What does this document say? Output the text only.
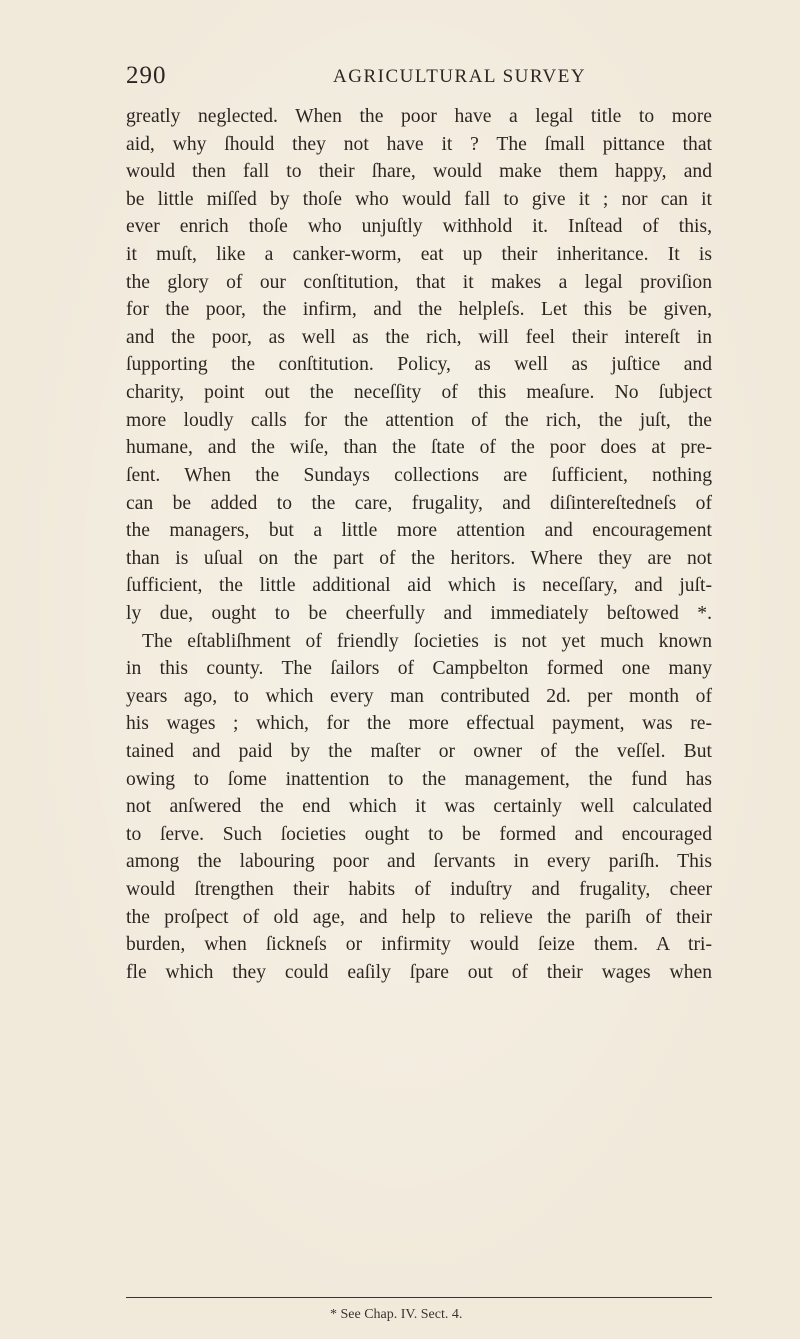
290	AGRICULTURAL SURVEY
greatly neglected. When the poor have a legal title to more
aid, why ſhould they not have it ? The ſmall pittance that
would then fall to their ſhare, would make them happy, and
be little miſſed by thoſe who would fall to give it ; nor can it
ever enrich thoſe who unjuſtly withhold it. Inſtead of this,
it muſt, like a canker-worm, eat up their inheritance. It is
the glory of our conſtitution, that it makes a legal proviſion
for the poor, the infirm, and the helpleſs. Let this be given,
and the poor, as well as the rich, will feel their intereſt in
ſupporting the conſtitution. Policy, as well as juſtice and
charity, point out the neceſſity of this meaſure. No ſubject
more loudly calls for the attention of the rich, the juſt, the
humane, and the wiſe, than the ſtate of the poor does at pre-
ſent. When the Sundays collections are ſufficient, nothing
can be added to the care, frugality, and diſintereſtedneſs of
the managers, but a little more attention and encouragement
than is uſual on the part of the heritors. Where they are not
ſufficient, the little additional aid which is neceſſary, and juſt-
ly due, ought to be cheerfully and immediately beſtowed *.
The eſtabliſhment of friendly ſocieties is not yet much known
in this county. The ſailors of Campbelton formed one many
years ago, to which every man contributed 2d. per month of
his wages ; which, for the more effectual payment, was re-
tained and paid by the maſter or owner of the veſſel. But
owing to ſome inattention to the management, the fund has
not anſwered the end which it was certainly well calculated
to ſerve. Such ſocieties ought to be formed and encouraged
among the labouring poor and ſervants in every pariſh. This
would ſtrengthen their habits of induſtry and frugality, cheer
the proſpect of old age, and help to relieve the pariſh of their
burden, when ſickneſs or infirmity would ſeize them. A tri-
fle which they could eaſily ſpare out of their wages when
* See Chap. IV. Sect. 4.
